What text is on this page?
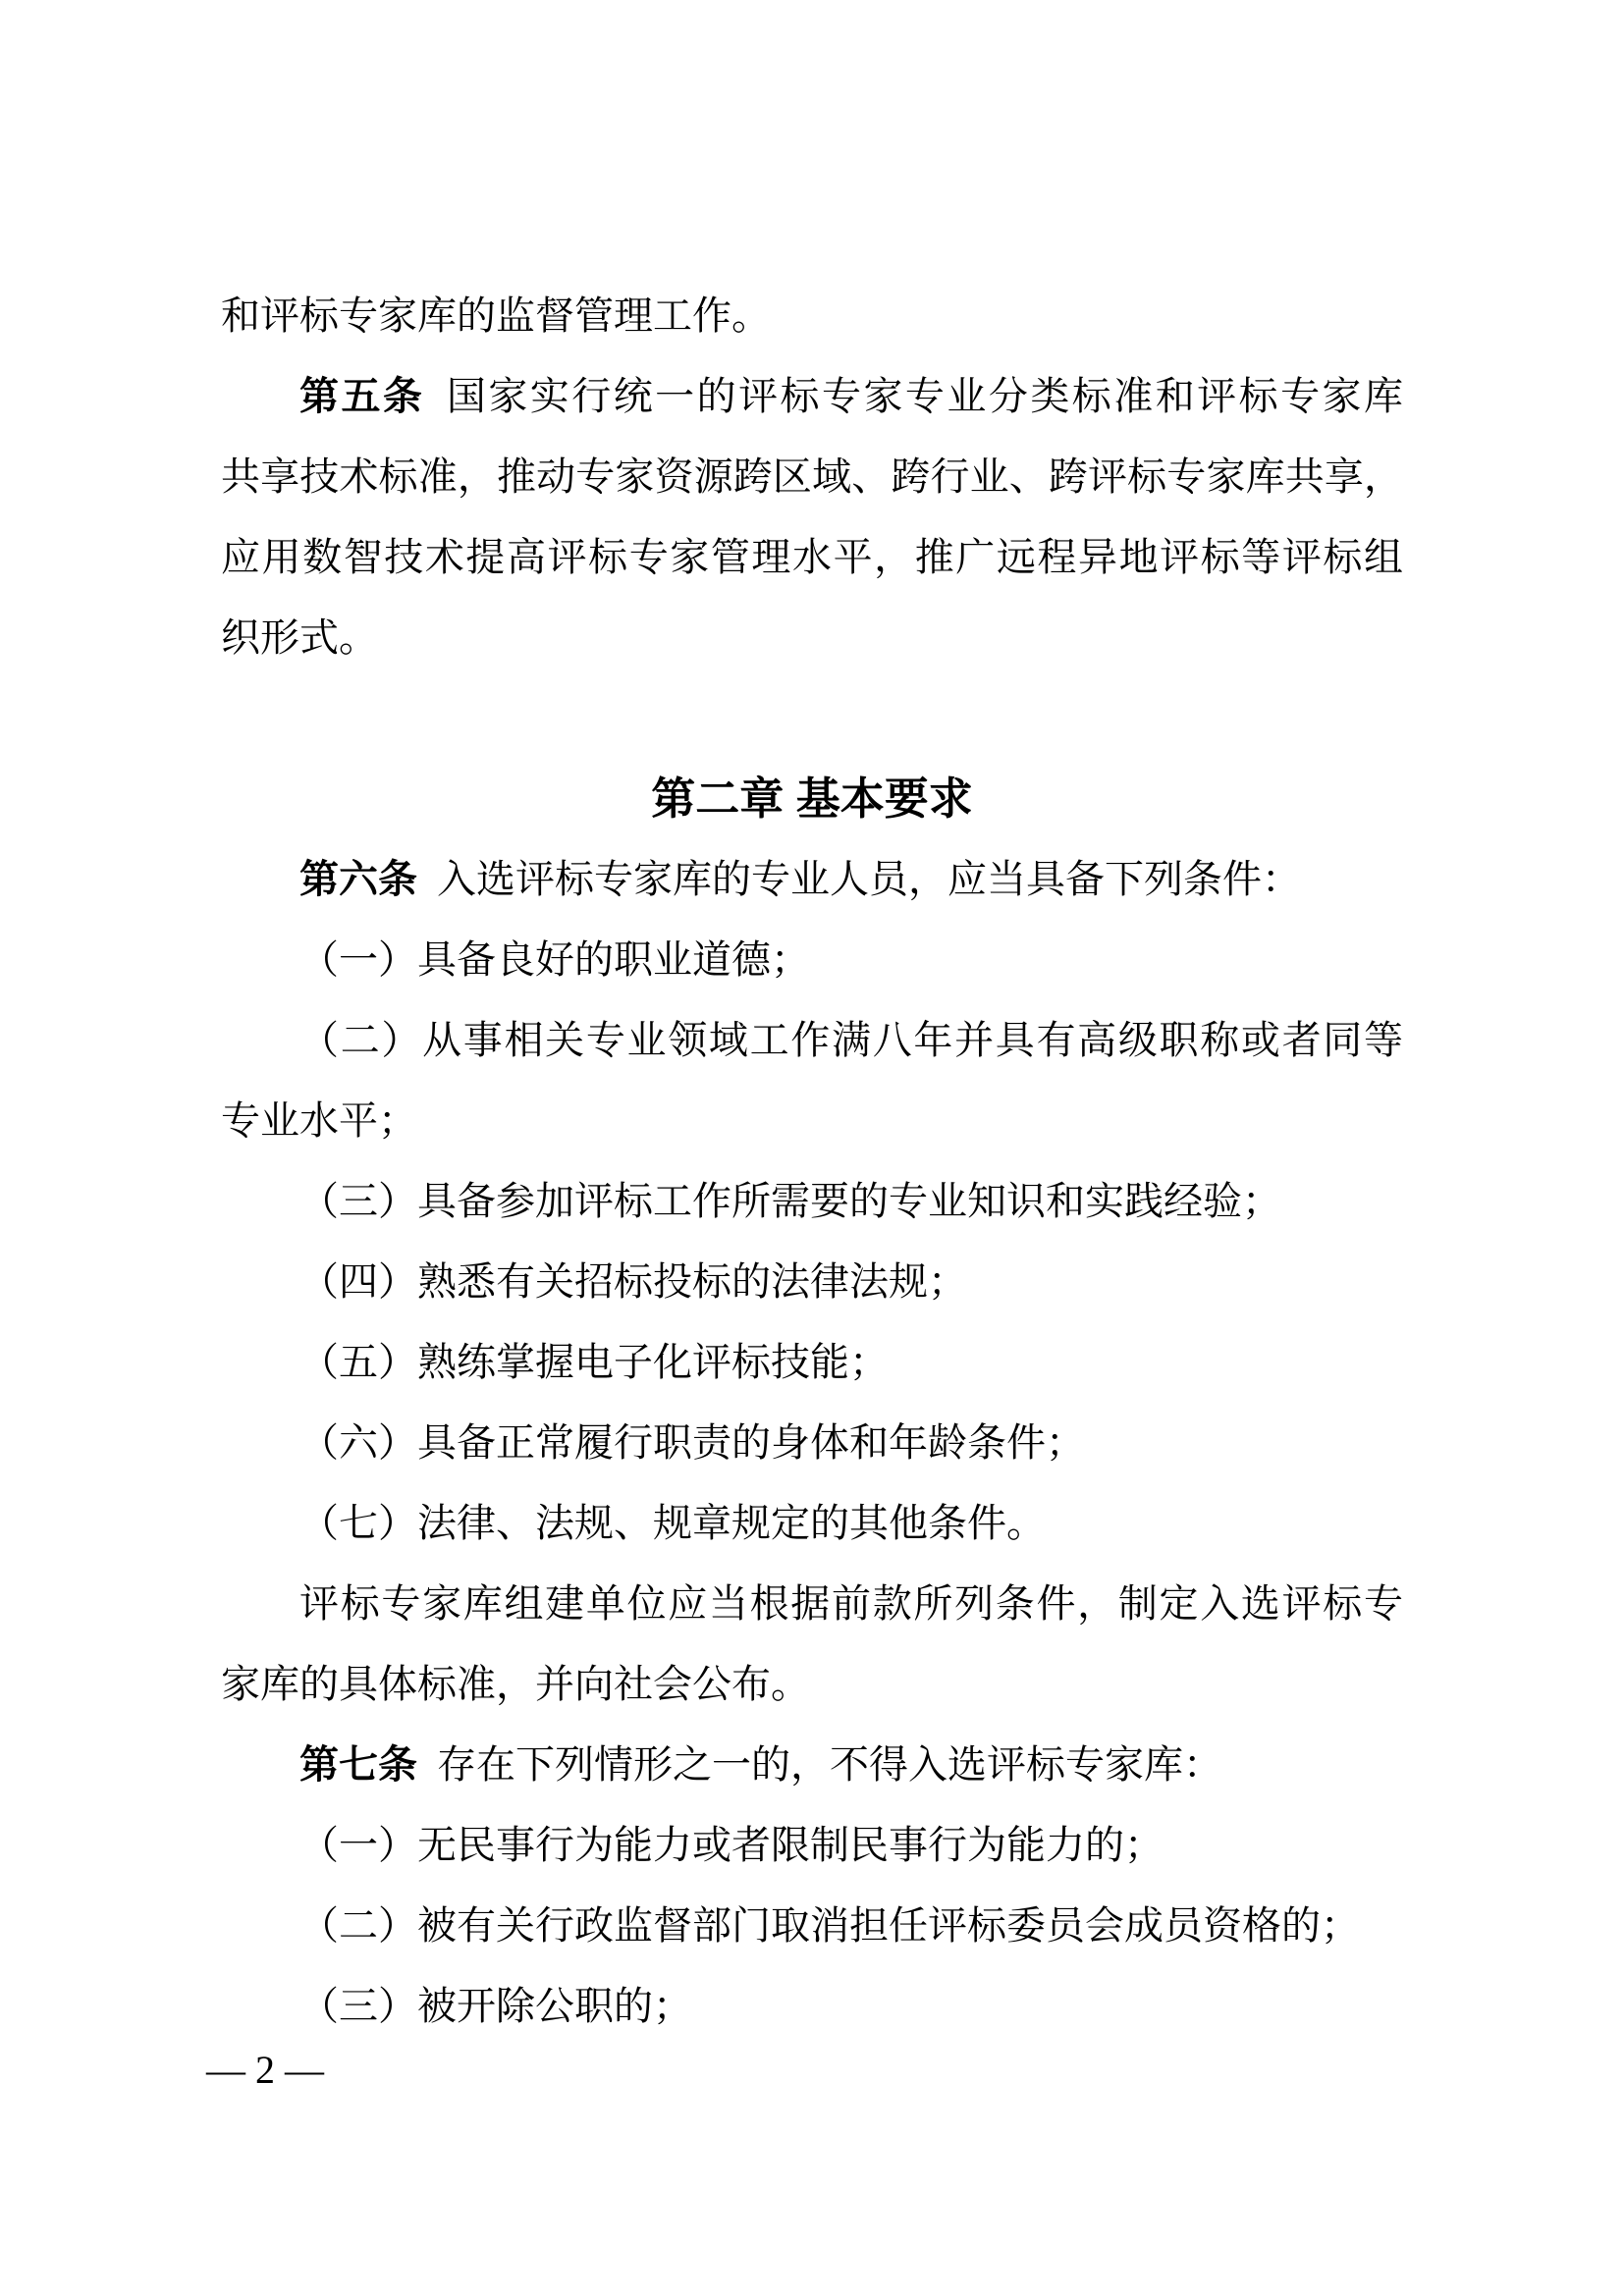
和评标专家库的监督管理工作。
第五条  国家实行统一的评标专家专业分类标准和评标专家库
共享技术标准，推动专家资源跨区域、跨行业、跨评标专家库共享，
应用数智技术提高评标专家管理水平，推广远程异地评标等评标组
织形式。
第二章 基本要求
第六条  入选评标专家库的专业人员，应当具备下列条件：
（一）具备良好的职业道德；
（二）从事相关专业领域工作满八年并具有高级职称或者同等
专业水平；
（三）具备参加评标工作所需要的专业知识和实践经验；
（四）熟悉有关招标投标的法律法规；
（五）熟练掌握电子化评标技能；
（六）具备正常履行职责的身体和年龄条件；
（七）法律、法规、规章规定的其他条件。
评标专家库组建单位应当根据前款所列条件，制定入选评标专
家库的具体标准，并向社会公布。
第七条  存在下列情形之一的，不得入选评标专家库：
（一）无民事行为能力或者限制民事行为能力的；
（二）被有关行政监督部门取消担任评标委员会成员资格的；
（三）被开除公职的；
— 2 —
